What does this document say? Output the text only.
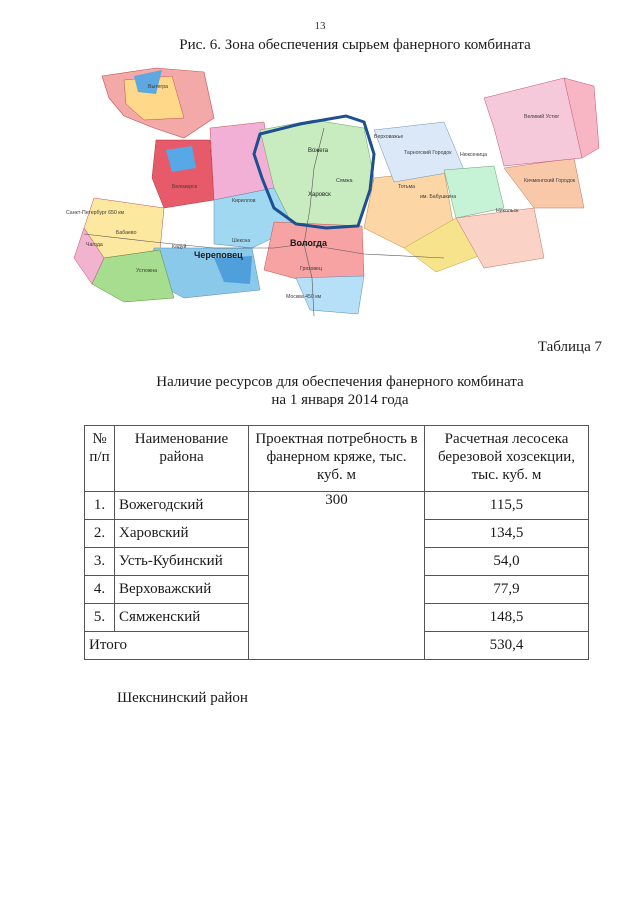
13
Рис. 6. Зона обеспечения сырьем фанерного комбината
Вытегра
Белозерск
Кириллов
Бабаево
Кадуй
Шексна
Череповец
Устюжна
Чагода	Вологда
Вожега
Харовск
Сямжа
Верховажье
Тотьма
Тарногский Городок Нюксеница
им. Бабушкина
Никольск
Кичменгский Городок
Великий Устюг
Грязовец
Санкт-Петербург 650 км
Москва 450 км
Таблица 7
Наличие ресурсов для обеспечения фанерного комбината
на 1 января 2014 года
№ п/п	Наименование района	Проектная потребность в фанерном кряже, тыс. куб. м	Расчетная лесосека березовой хозсекции, тыс. куб. м
1.	Вожегодский	300	115,5
2.	Харовский		134,5
3.	Усть-Кубинский		54,0
4.	Верховажский		77,9
5.	Сямженский		148,5
Итого			530,4
Шекснинский район
